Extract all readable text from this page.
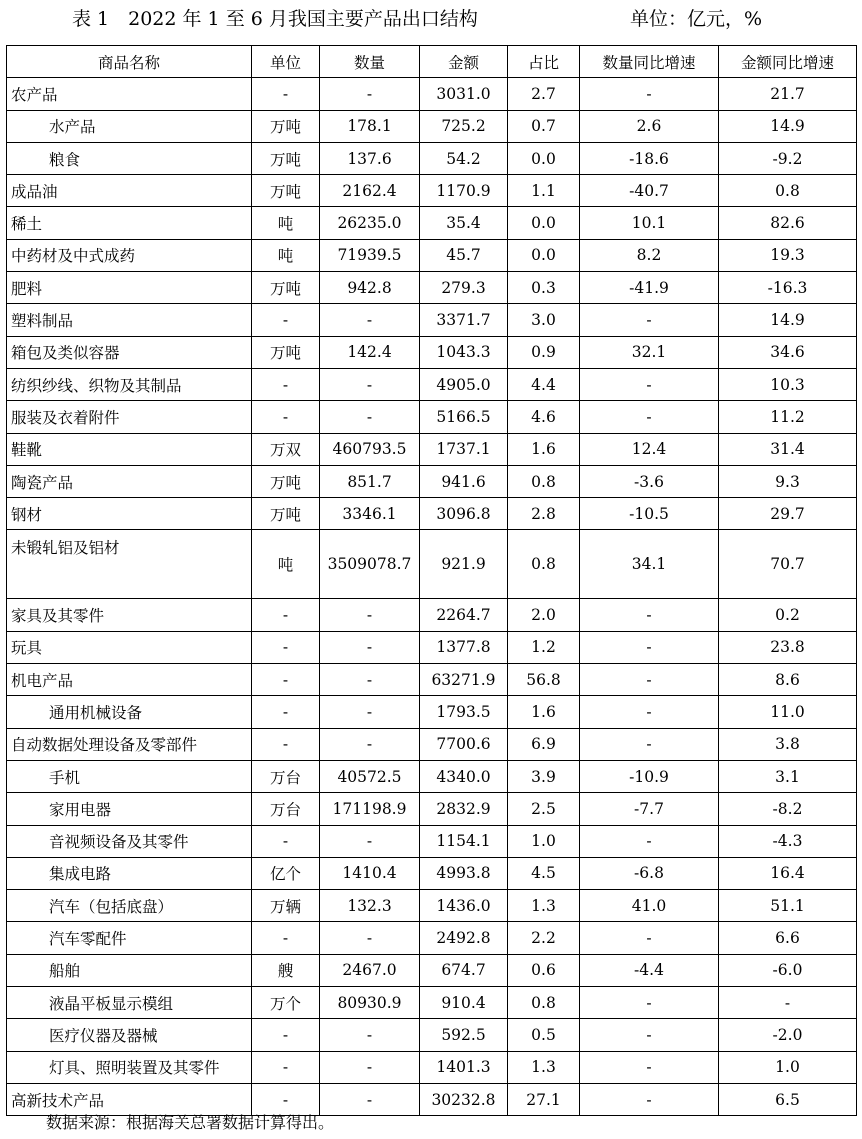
表 1　2022 年 1 至 6 月我国主要产品出口结构	单位：亿元，%
商品名称	单位	数量	金额	占比	数量同比增速	金额同比增速
农产品	-	-	3031.0	2.7	-	21.7
水产品	万吨	178.1	725.2	0.7	2.6	14.9
粮食	万吨	137.6	54.2	0.0	-18.6	-9.2
成品油	万吨	2162.4	1170.9	1.1	-40.7	0.8
稀土	吨	26235.0	35.4	0.0	10.1	82.6
中药材及中式成药	吨	71939.5	45.7	0.0	8.2	19.3
肥料	万吨	942.8	279.3	0.3	-41.9	-16.3
塑料制品	-	-	3371.7	3.0	-	14.9
箱包及类似容器	万吨	142.4	1043.3	0.9	32.1	34.6
纺织纱线、织物及其制品	-	-	4905.0	4.4	-	10.3
服装及衣着附件	-	-	5166.5	4.6	-	11.2
鞋靴	万双	460793.5	1737.1	1.6	12.4	31.4
陶瓷产品	万吨	851.7	941.6	0.8	-3.6	9.3
钢材	万吨	3346.1	3096.8	2.8	-10.5	29.7
未锻轧铝及铝材	吨	3509078.7	921.9	0.8	34.1	70.7
家具及其零件	-	-	2264.7	2.0	-	0.2
玩具	-	-	1377.8	1.2	-	23.8
机电产品	-	-	63271.9	56.8	-	8.6
通用机械设备	-	-	1793.5	1.6	-	11.0
自动数据处理设备及零部件	-	-	7700.6	6.9	-	3.8
手机	万台	40572.5	4340.0	3.9	-10.9	3.1
家用电器	万台	171198.9	2832.9	2.5	-7.7	-8.2
音视频设备及其零件	-	-	1154.1	1.0	-	-4.3
集成电路	亿个	1410.4	4993.8	4.5	-6.8	16.4
汽车（包括底盘）	万辆	132.3	1436.0	1.3	41.0	51.1
汽车零配件	-	-	2492.8	2.2	-	6.6
船舶	艘	2467.0	674.7	0.6	-4.4	-6.0
液晶平板显示模组	万个	80930.9	910.4	0.8	-	-
医疗仪器及器械	-	-	592.5	0.5	-	-2.0
灯具、照明装置及其零件	-	-	1401.3	1.3	-	1.0
高新技术产品	-	-	30232.8	27.1	-	6.5
数据来源：根据海关总署数据计算得出。
